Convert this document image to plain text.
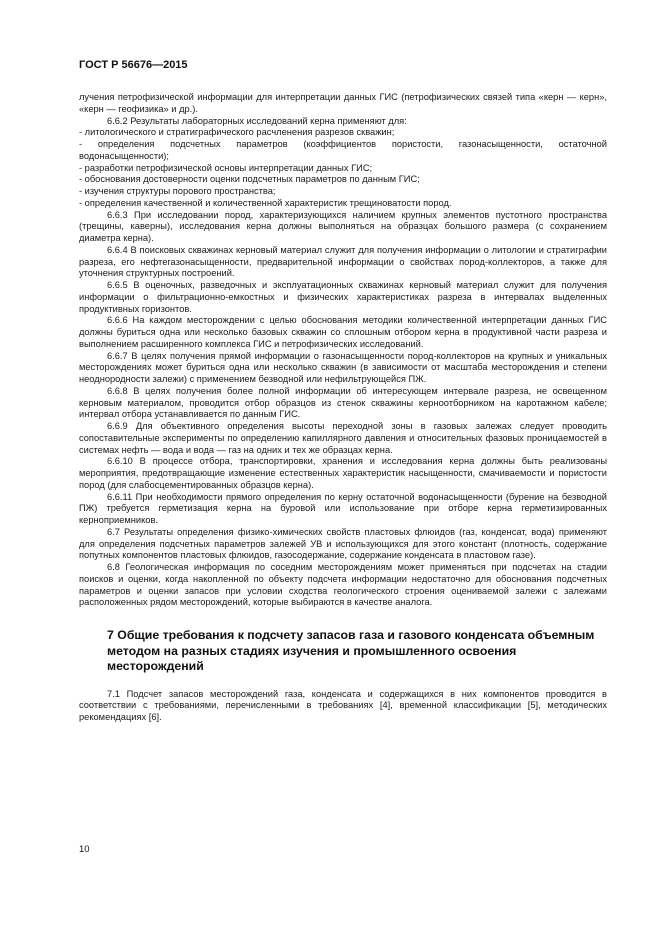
ГОСТ Р 56676—2015

лучения петрофизической информации для интерпретации данных ГИС (петрофизических связей типа «керн — керн», «керн — геофизика» и др.).

6.6.2 Результаты лабораторных исследований керна применяют для:

- литологического и стратиграфического расчленения разрезов скважин;

- определения подсчетных параметров (коэффициентов пористости, газонасыщенности, остаточной водонасыщенности);

- разработки петрофизической основы интерпретации данных ГИС;

- обоснования достоверности оценки подсчетных параметров по данным ГИС;

- изучения структуры порового пространства;

- определения качественной и количественной характеристик трещиноватости пород.

6.6.3 При исследовании пород, характеризующихся наличием крупных элементов пустотного пространства (трещины, каверны), исследования керна должны выполняться на образцах большого размера (с сохранением диаметра керна).

6.6.4 В поисковых скважинах керновый материал служит для получения информации о литологии и стратиграфии разреза, его нефтегазонасыщенности, предварительной информации о свойствах пород-коллекторов, а также для уточнения структурных построений.

6.6.5 В оценочных, разведочных и эксплуатационных скважинах керновый материал служит для получения информации о фильтрационно-емкостных и физических характеристиках разреза в интервалах выделенных продуктивных горизонтов.

6.6.6 На каждом месторождении с целью обоснования методики количественной интерпретации данных ГИС должны буриться одна или несколько базовых скважин со сплошным отбором керна в продуктивной части разреза и выполнением расширенного комплекса ГИС и петрофизических исследований.

6.6.7 В целях получения прямой информации о газонасыщенности пород-коллекторов на крупных и уникальных месторождениях может буриться одна или несколько скважин (в зависимости от масштаба месторождения и степени неоднородности залежи) с применением безводной или нефильтрующейся ПЖ.

6.6.8 В целях получения более полной информации об интересующем интервале разреза, не освещенном керновым материалом, проводится отбор образцов из стенок скважины керноотборником на каротажном кабеле; интервал отбора устанавливается по данным ГИС.

6.6.9 Для объективного определения высоты переходной зоны в газовых залежах следует проводить сопоставительные эксперименты по определению капиллярного давления и относительных фазовых проницаемостей в системах нефть — вода и вода — газ на одних и тех же образцах керна.

6.6.10 В процессе отбора, транспортировки, хранения и исследования керна должны быть реализованы мероприятия, предотвращающие изменение естественных характеристик насыщенности, смачиваемости и пористости пород (для слабосцементированных образцов керна).

6.6.11 При необходимости прямого определения по керну остаточной водонасыщенности (бурение на безводной ПЖ) требуется герметизация керна на буровой или использование при отборе керна герметизированных керноприемников.

6.7 Результаты определения физико-химических свойств пластовых флюидов (газ, конденсат, вода) применяют для определения подсчетных параметров залежей УВ и использующихся для этого констант (плотность, содержание попутных компонентов пластовых флюидов, газосодержание, содержание конденсата в пластовом газе).

6.8 Геологическая информация по соседним месторождениям может применяться при подсчетах на стадии поисков и оценки, когда накопленной по объекту подсчета информации недостаточно для обоснования подсчетных параметров и оценки запасов при условии сходства геологического строения оцениваемой залежи с залежами расположенных рядом месторождений, которые выбираются в качестве аналога.

7 Общие требования к подсчету запасов газа и газового конденсата объемным методом на разных стадиях изучения и промышленного освоения месторождений

7.1 Подсчет запасов месторождений газа, конденсата и содержащихся в них компонентов проводится в соответствии с требованиями, перечисленными в требованиях [4], временной классификации [5], методических рекомендациях [6].

10
